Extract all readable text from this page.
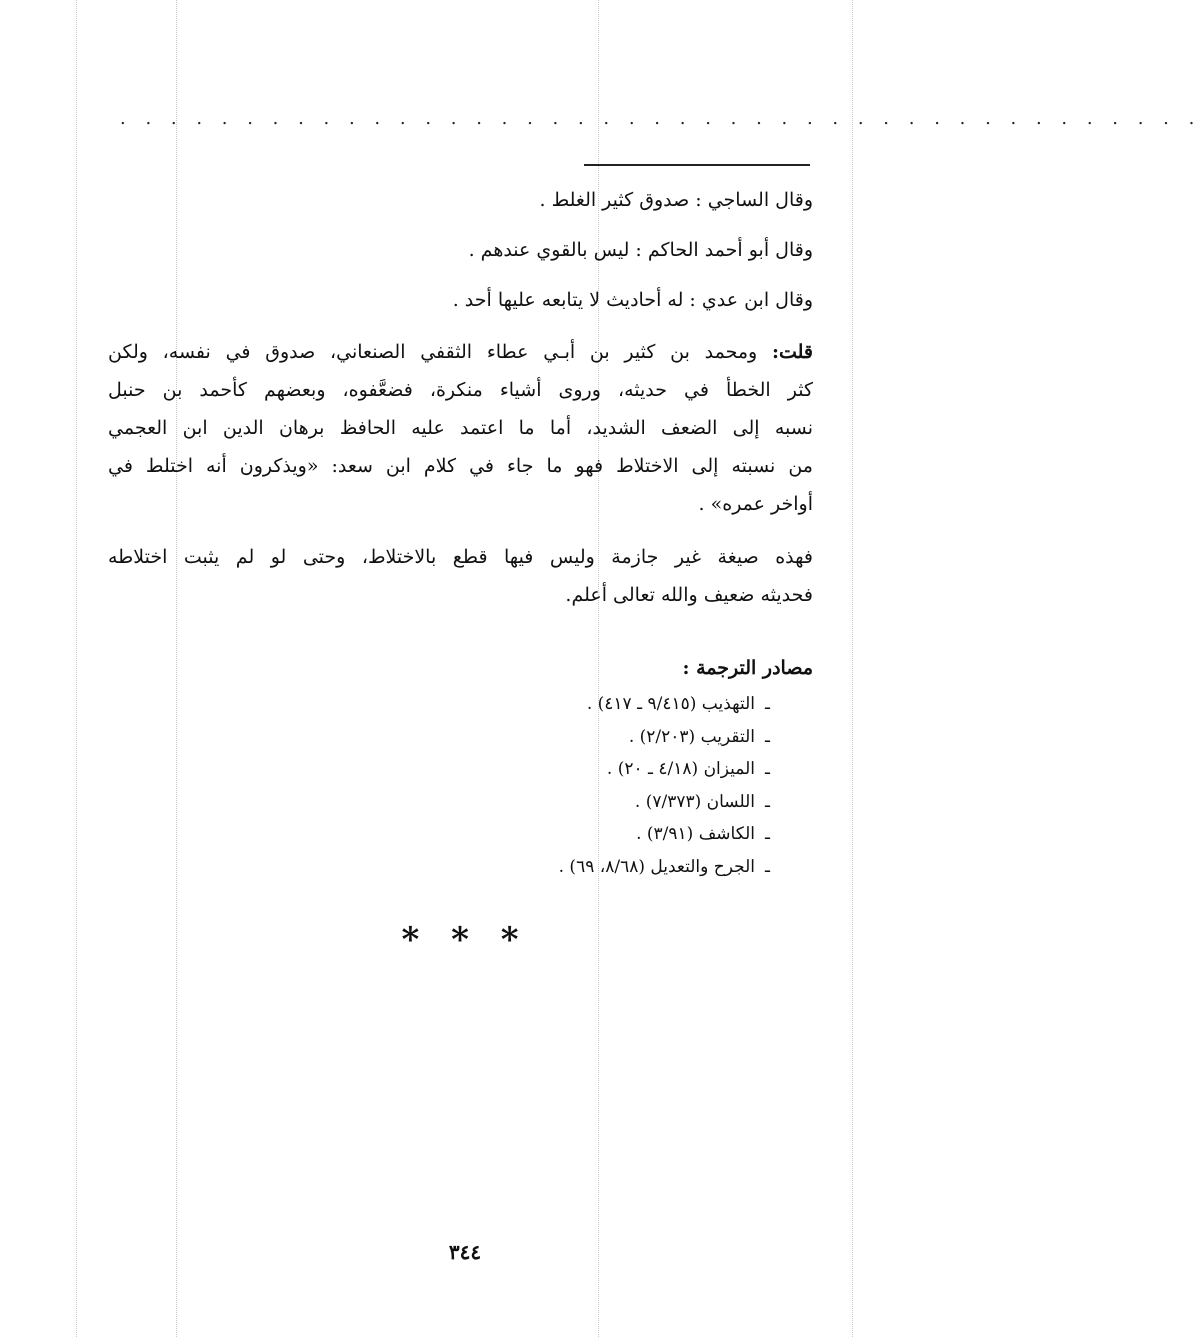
. . . . . . . . . . . . . . . . . . . . . . . . . . . . . . . . . . . . . . . . . . .
وقال الساجي : صدوق كثير الغلط .
وقال أبو أحمد الحاكم : ليس بالقوي عندهم .
وقال ابن عدي : له أحاديث لا يتابعه عليها أحد .
قلت: ومحمد بن كثير بن أبـي عطاء الثقفي الصنعاني، صدوق في نفسه، ولكن
كثر الخطأ في حديثه، وروى أشياء منكرة، فضعَّفوه، وبعضهم كأحمد بن حنبل
نسبه إلى الضعف الشديد، أما ما اعتمد عليه الحافظ برهان الدين ابن العجمي
من نسبته إلى الاختلاط فهو ما جاء في كلام ابن سعد: «ويذكرون أنه اختلط في
أواخر عمره» .
فهذه صيغة غير جازمة وليس فيها قطع بالاختلاط، وحتى لو لم يثبت اختلاطه
فحديثه ضعيف والله تعالى أعلم.
مصادر الترجمة :
ـالتهذيب (٩/٤١٥ ـ ٤١٧) .
ـالتقريب (٢/٢٠٣) .
ـالميزان (٤/١٨ ـ ٢٠) .
ـاللسان (٧/٣٧٣) .
ـالكاشف (٣/٩١) .
ـالجرح والتعديل (٨/٦٨، ٦٩) .
* * *
٣٤٤
